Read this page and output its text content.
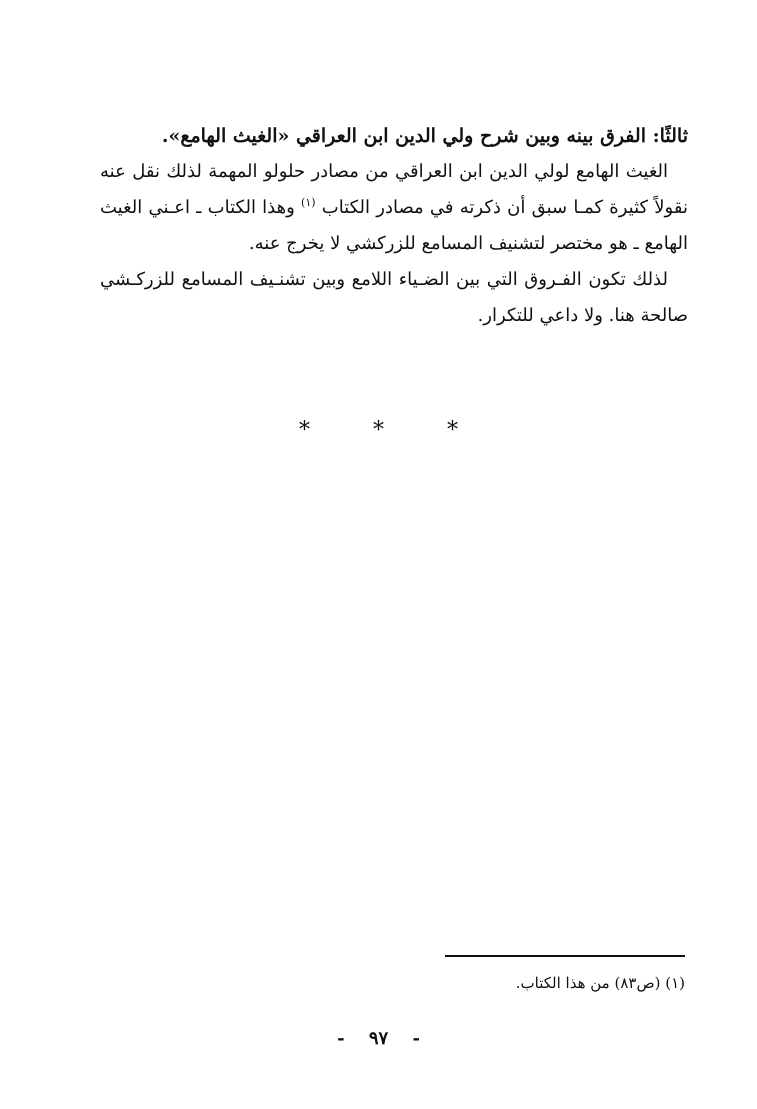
ثالثًا: الفرق بينه وبين شرح ولي الدين ابن العراقي «الغيث الهامع».

الغيث الهامع لولي الدين ابن العراقي من مصادر حلولو المهمة لذلك نقل عنه نقولاً كثيرة كمـا سبق أن ذكرته في مصادر الكتاب $^{(١)}$ وهذا الكتاب ـ اعـني الغيث الهامع ـ هو مختصر لتشنيف المسامع للزركشي لا يخرج عنه.

لذلك تكون الفـروق التي بين الضـياء اللامع وبين تشنـيف المسامع للزركـشي صالحة هنا. ولا داعي للتكرار.

* * *

(١) (ص٨٣) من هذا الكتاب.

- ٩٧ -
